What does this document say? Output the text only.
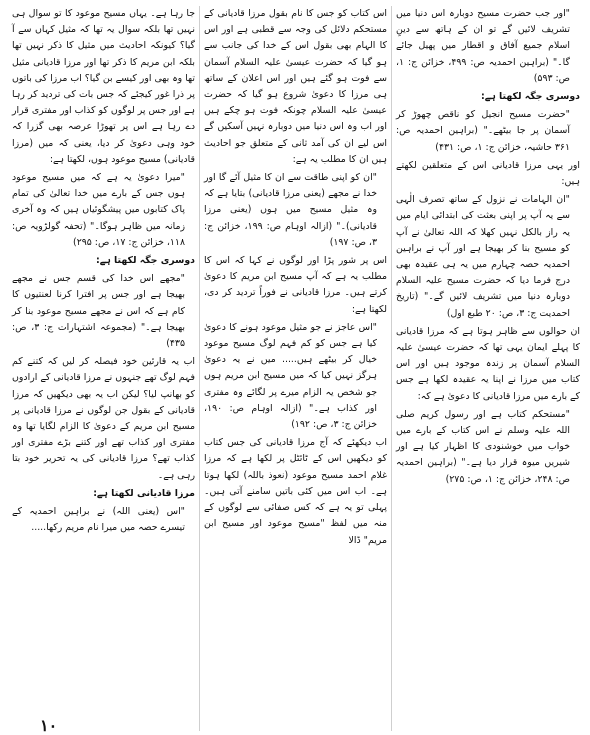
"اور جب حضرت مسیح دوبارہ اس دنیا میں تشریف لائیں گے تو ان کے ہاتھ سے دینِ اسلام جمیع آفاق و اقطار میں پھیل جائے گا۔" (براہین احمدیہ ص: ۴۹۹، خزائن ج: ۱، ص: ۵۹۳)

دوسری جگہ لکھتا ہے:

"حضرت مسیح انجیل کو ناقص چھوڑ کر آسمان پر جا بیٹھے۔" (براہین احمدیہ ص: ۳۶۱ حاشیہ، خزائن ج: ۱، ص: ۴۳۱)

اور یہی مرزا قادیانی اس کے متعلقین لکھتے ہیں:

"ان الہامات نے نزول کے ساتھ تصرف الٰہی سے یہ آپ پر اپنی بعثت کی ابتدائی ایام میں یہ راز بالکل نہیں کھلا کہ اللہ تعالیٰ نے آپ کو مسیح بنا کر بھیجا ہے اور آپ نے براہین احمدیہ حصہ چہارم میں یہ ہی عقیدہ بھی درج فرما دیا کہ حضرت مسیح علیہ السلام دوبارہ دنیا میں تشریف لائیں گے۔" (تاریخ احمدیت ج: ۳، ص: ۲۰ طبع اول)

ان حوالوں سے ظاہر ہوتا ہے کہ مرزا قادیانی کا پہلے ایمان یہی تھا کہ حضرت عیسیٰ علیہ السلام آسمان پر زندہ موجود ہیں اور اس کتاب میں مرزا نے اپنا یہ عقیدہ لکھا ہے جس کے بارے میں مرزا قادیانی کا دعویٰ ہے کہ:

"مستحکم کتاب ہے اور رسول کریم صلی اللہ علیہ وسلم نے اس کتاب کے بارے میں خواب میں خوشنودی کا اظہار کیا ہے اور شیریں میوہ قرار دیا ہے۔" (براہین احمدیہ ص: ۲۴۸، خزائن ج: ۱، ص: ۲۷۵)

اس کتاب کو جس کا نام بقول مرزا قادیانی کے مستحکم دلائل کی وجہ سے قطبی ہے اور اس کا الہام بھی بقول اس کے خدا کی جانب سے ہو گیا کہ حضرت عیسیٰ علیہ السلام آسمان سے فوت ہو گئے ہیں اور اس اعلان کے ساتھ ہی مرزا کا دعویٰ شروع ہو گیا کہ حضرت عیسیٰ علیہ السلام چونکہ فوت ہو چکے ہیں اور اب وہ اس دنیا میں دوبارہ نہیں آسکیں گے اس لیے ان کی آمد ثانی کے متعلق جو احادیث ہیں ان کا مطلب یہ ہے:

"ان کو اپنی طاقت سے ان کا مثیل آئے گا اور خدا نے مجھے (یعنی مرزا قادیانی) بتایا ہے کہ وہ مثیل مسیح میں ہوں (یعنی مرزا قادیانی)۔" (ازالہ اوہام ص: ۱۹۹، خزائن ج: ۳، ص: ۱۹۷)

اس پر شور پڑا اور لوگوں نے کہا کہ اس کا مطلب یہ ہے کہ آپ مسیح ابن مریم کا دعویٰ کرتے ہیں۔ مرزا قادیانی نے فوراً تردید کر دی، لکھتا ہے:

"اس عاجز نے جو مثیل موعود ہونے کا دعویٰ کیا ہے جس کو کم فہم لوگ مسیح موعود خیال کر بیٹھے ہیں..... میں نے یہ دعویٰ ہرگز نہیں کیا کہ میں مسیح ابن مریم ہوں جو شخص یہ الزام میرے پر لگائے وہ مفتری اور کذاب ہے۔" (ازالہ اوہام ص: ۱۹۰، خزائن ج: ۳، ص: ۱۹۲)

اب دیکھئے کہ آج مرزا قادیانی کی جس کتاب کو دیکھیں اس کے ٹائٹل پر لکھا ہے کہ مرزا غلام احمد مسیح موعود (نعوذ باللہ) لکھا ہوتا ہے۔ اب اس میں کئی باتیں سامنے آتی ہیں۔ پہلی تو یہ ہے کہ کس صفائی سے لوگوں کے منہ میں لفظ "مسیح موعود اور مسیح ابن مریم" ڈالا

جا رہا ہے۔ یہاں مسیح موعود کا تو سوال ہی نہیں تھا بلکہ سوال یہ تھا کہ مثیل کہاں سے آ گیا؟ کیونکہ احادیث میں مثیل کا ذکر نہیں تھا بلکہ ابن مریم کا ذکر تھا اور مرزا قادیانی مثیل تھا وہ بھی اور کیسے بن گیا؟ اب مرزا کی باتوں پر ذرا غور کیجئے کہ جس بات کی تردید کر رہا ہے اور جس پر لوگوں کو کذاب اور مفتری قرار دے رہا ہے اس پر تھوڑا عرصہ بھی گزرا کہ خود وہی دعویٰ کر دیا، یعنی کہ میں (مرزا قادیانی) مسیح موعود ہوں، لکھتا ہے:

"میرا دعویٰ یہ ہے کہ میں مسیح موعود ہوں جس کے بارے میں خدا تعالیٰ کی تمام پاک کتابوں میں پیشگوئیاں ہیں کہ وہ آخری زمانہ میں ظاہر ہوگا۔" (تحفہ گولڑویہ ص: ۱۱۸، خزائن ج: ۱۷، ص: ۲۹۵)

دوسری جگہ لکھتا ہے:

"مجھے اس خدا کی قسم جس نے مجھے بھیجا ہے اور جس پر افترا کرنا لعنتیوں کا کام ہے کہ اس نے مجھے مسیح موعود بنا کر بھیجا ہے۔" (مجموعہ اشتہارات ج: ۳، ص: ۴۳۵)

اب یہ قارئین خود فیصلہ کر لیں کہ کتنے کم فہم لوگ تھے جنہوں نے مرزا قادیانی کے ارادوں کو بھانپ لیا؟ لیکن اب یہ بھی دیکھیں کہ مرزا قادیانی کے بقول جن لوگوں نے مرزا قادیانی پر مسیح ابن مریم کے دعویٰ کا الزام لگایا تھا وہ مفتری اور کذاب تھے اور کتنے بڑے مفتری اور کذاب تھے؟ مرزا قادیانی کی یہ تحریر خود بتا رہی ہے۔

مرزا قادیانی لکھتا ہے:

"اس (یعنی اللہ) نے براہین احمدیہ کے تیسرے حصہ میں میرا نام مریم رکھا.....

۱۰
